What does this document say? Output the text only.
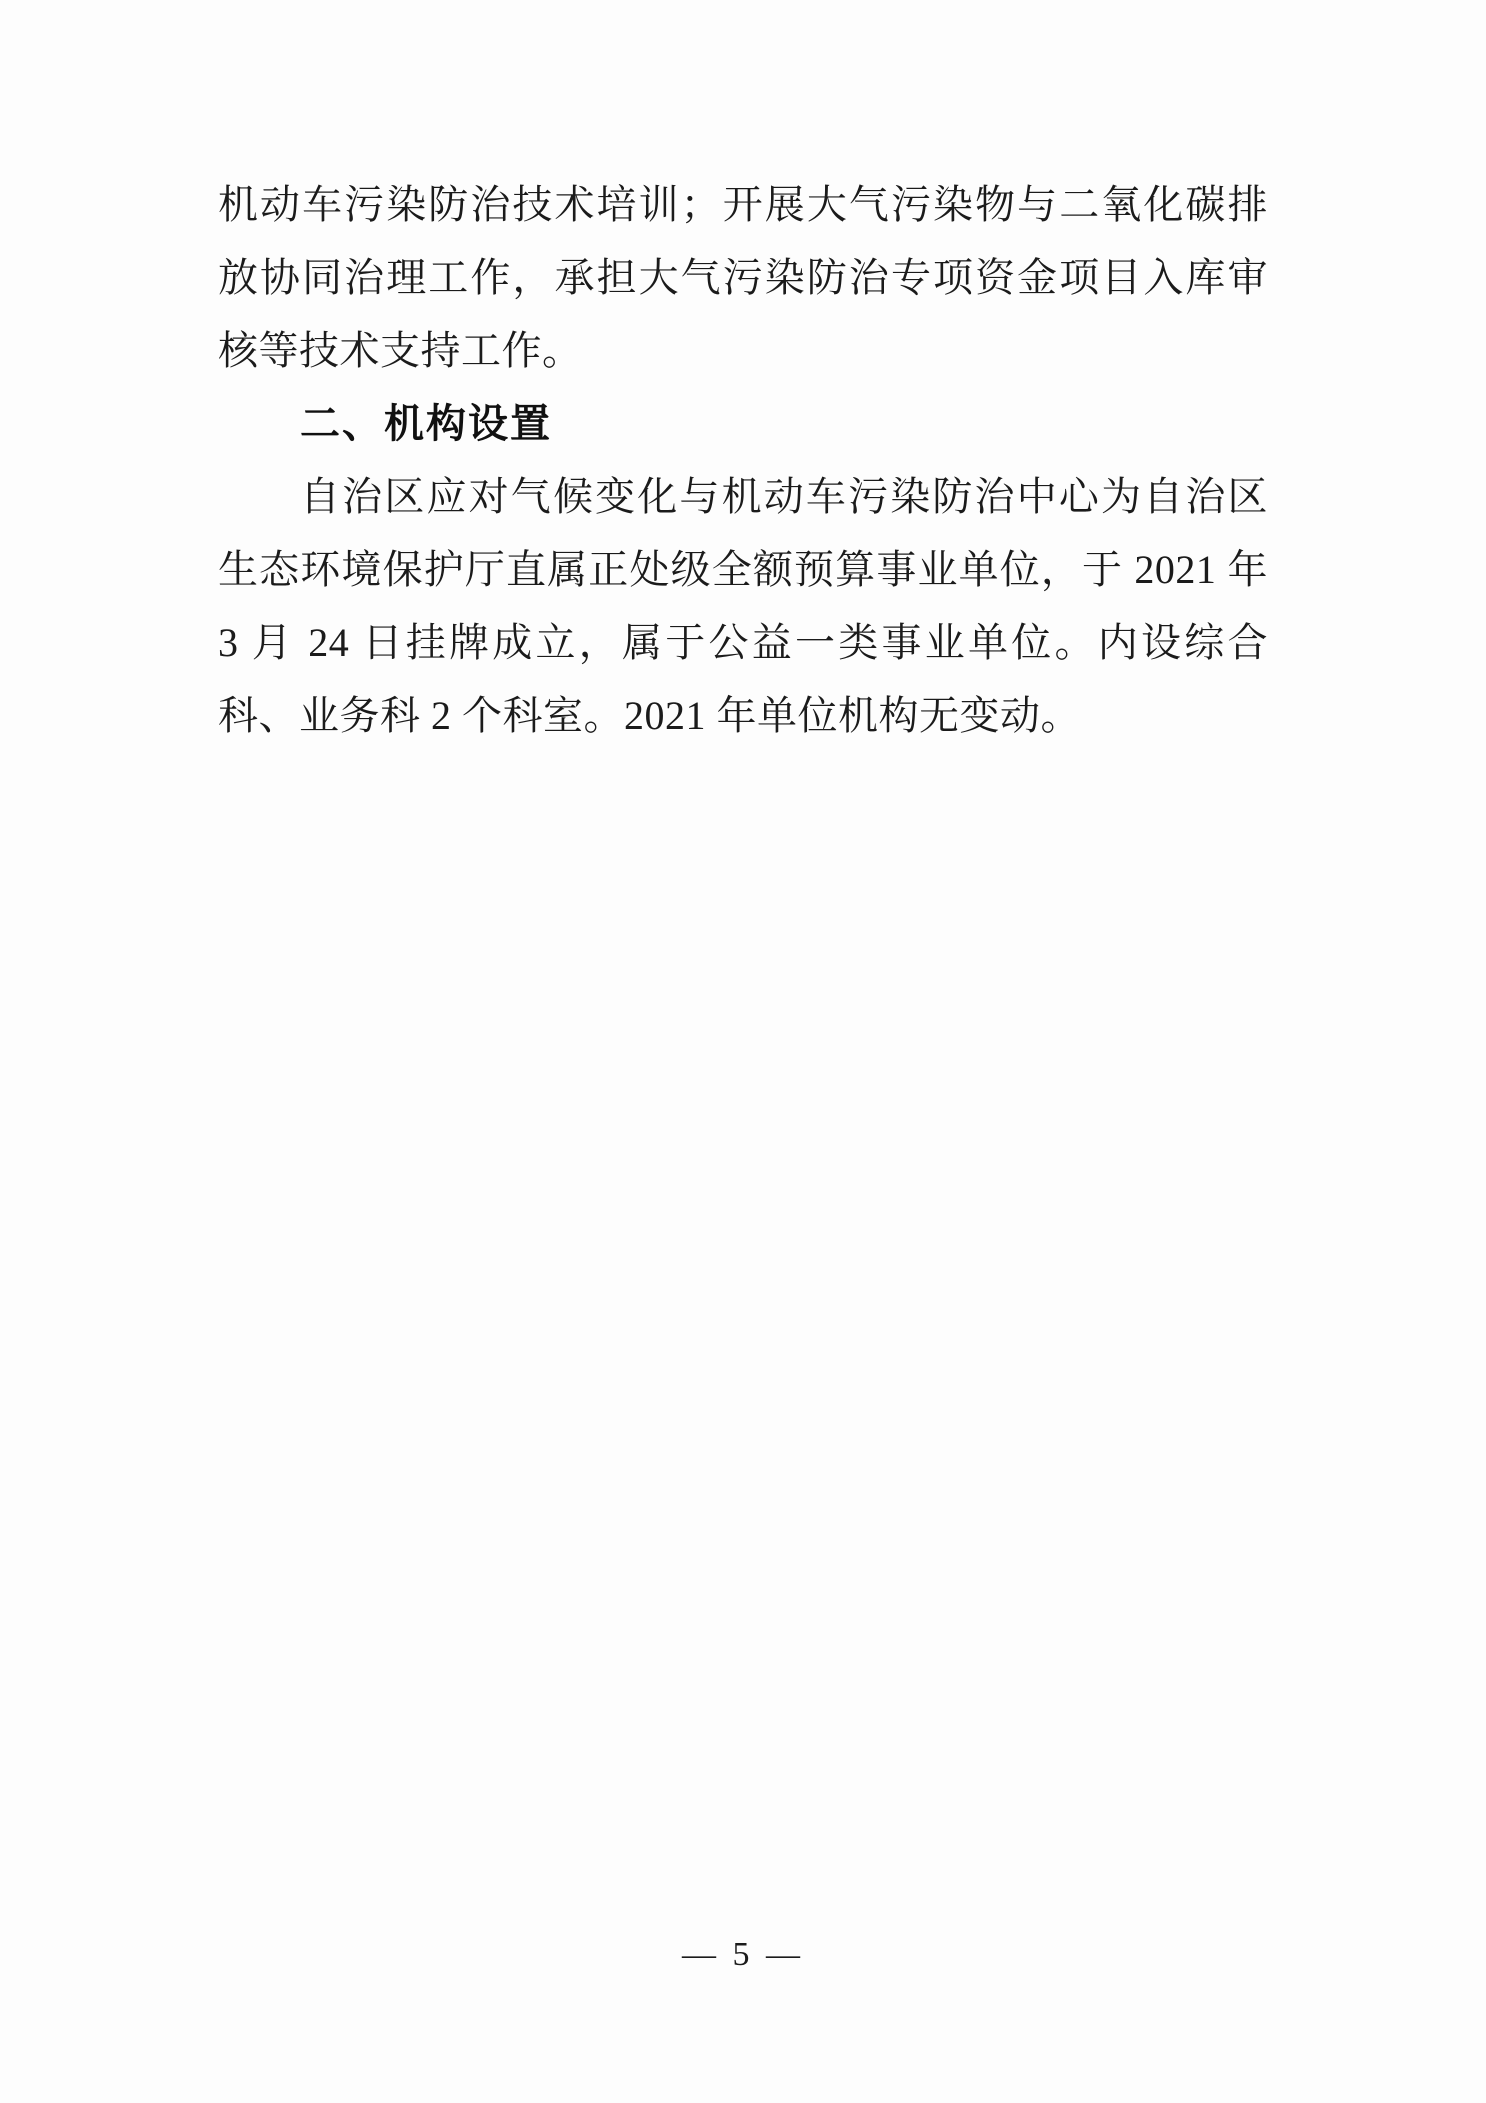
机动车污染防治技术培训；开展大气污染物与二氧化碳排放协同治理工作，承担大气污染防治专项资金项目入库审核等技术支持工作。

二、机构设置

自治区应对气候变化与机动车污染防治中心为自治区生态环境保护厅直属正处级全额预算事业单位，于 2021 年 3 月 24 日挂牌成立，属于公益一类事业单位。内设综合科、业务科 2 个科室。2021 年单位机构无变动。

— 5 —
